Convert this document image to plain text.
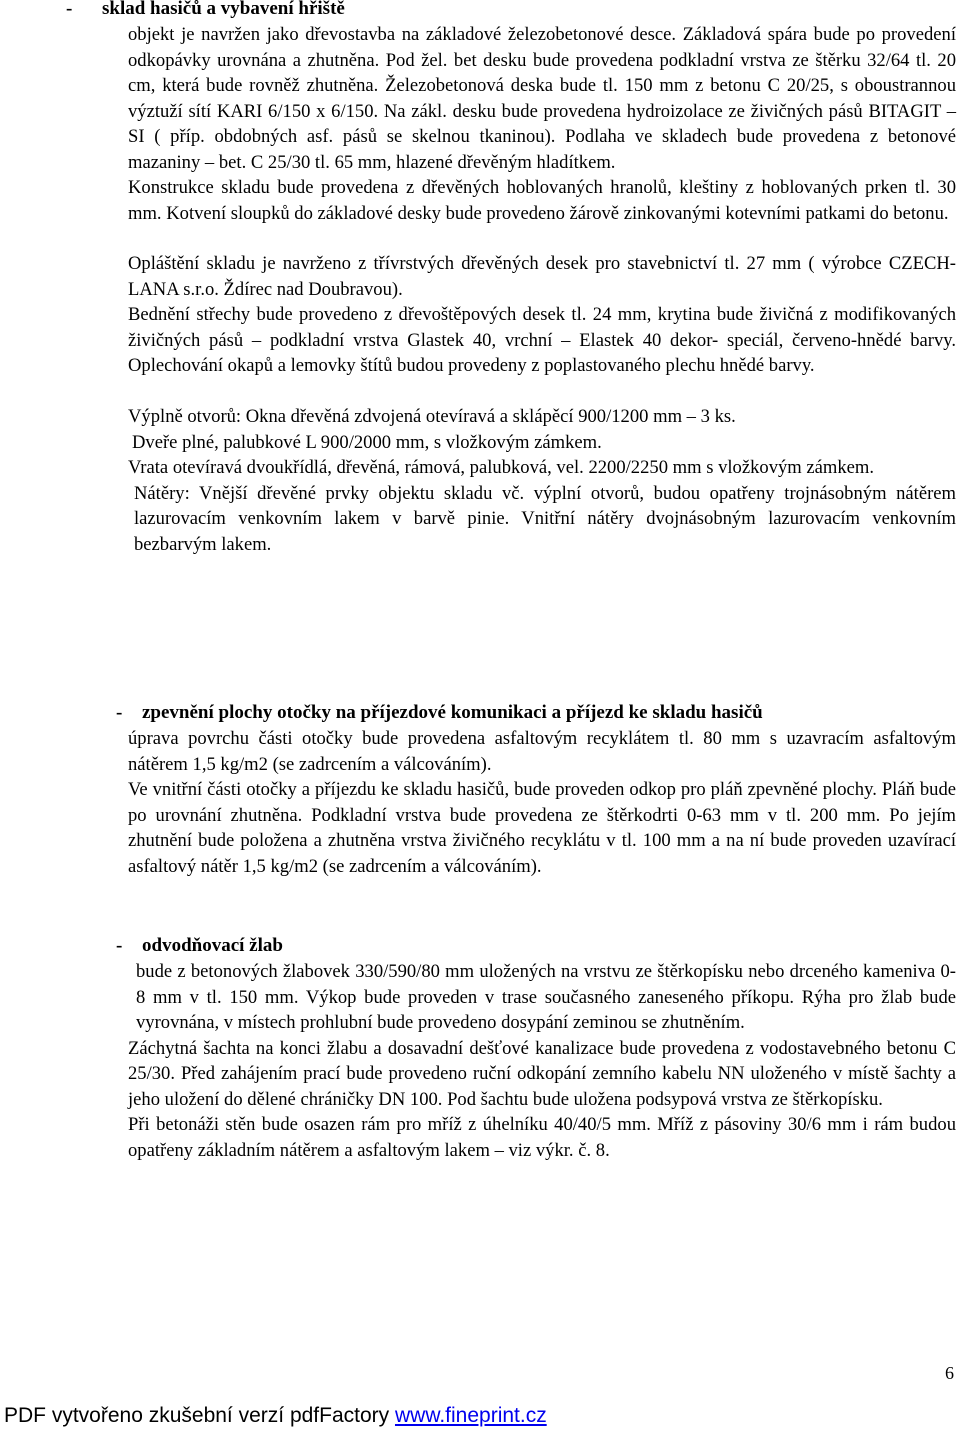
- sklad hasičů a vybavení hřiště

objekt je navržen jako dřevostavba na základové železobetonové desce. Základová spára bude po provedení odkopávky urovnána a zhutněna. Pod žel. bet desku bude provedena podkladní vrstva ze štěrku 32/64 tl. 20 cm, která bude rovněž zhutněna. Železobetonová deska bude tl. 150 mm z betonu C 20/25, s oboustrannou výztuží sítí KARI 6/150 x 6/150. Na zákl. desku bude provedena hydroizolace ze živičných pásů BITAGIT – SI ( příp. obdobných asf. pásů se skelnou tkaninou). Podlaha ve skladech bude provedena z betonové mazaniny – bet. C 25/30 tl. 65 mm, hlazené dřevěným hladítkem.

Konstrukce skladu bude provedena z dřevěných hoblovaných hranolů, kleštiny z hoblovaných prken tl. 30 mm. Kotvení sloupků do základové desky bude provedeno žárově zinkovanými kotevními patkami do betonu.

Opláštění skladu je navrženo z třívrstvých dřevěných desek pro stavebnictví tl. 27 mm ( výrobce CZECH-LANA s.r.o. Ždírec nad Doubravou).

Bednění střechy bude provedeno z dřevoštěpových desek tl. 24 mm, krytina bude živičná z modifikovaných živičných pásů – podkladní vrstva Glastek 40, vrchní – Elastek 40 dekor- speciál, červeno-hnědé barvy. Oplechování okapů a lemovky štítů budou provedeny z poplastovaného plechu hnědé barvy.

Výplně otvorů: Okna dřevěná zdvojená otevíravá a sklápěcí 900/1200 mm – 3 ks.

Dveře plné, palubkové L 900/2000 mm, s vložkovým zámkem.

Vrata otevíravá dvoukřídlá, dřevěná, rámová, palubková, vel. 2200/2250 mm s vložkovým zámkem.

Nátěry: Vnější dřevěné prvky objektu skladu vč. výplní otvorů, budou opatřeny trojnásobným nátěrem lazurovacím venkovním lakem v barvě pinie. Vnitřní nátěry dvojnásobným lazurovacím venkovním bezbarvým lakem.

- zpevnění plochy otočky na příjezdové komunikaci a příjezd ke skladu hasičů

úprava povrchu části otočky bude provedena asfaltovým recyklátem tl. 80 mm s uzavracím asfaltovým nátěrem 1,5 kg/m2 (se zadrcením a válcováním).

Ve vnitřní části otočky a příjezdu ke skladu hasičů, bude proveden odkop pro pláň zpevněné plochy. Pláň bude po urovnání zhutněna. Podkladní vrstva bude provedena ze štěrkodrti 0-63 mm v tl. 200 mm. Po jejím zhutnění bude položena a zhutněna vrstva živičného recyklátu v tl. 100 mm a na ní bude proveden uzavírací asfaltový nátěr 1,5 kg/m2 (se zadrcením a válcováním).

- odvodňovací žlab

bude z betonových žlabovek 330/590/80 mm uložených na vrstvu ze štěrkopísku nebo drceného kameniva 0-8 mm v tl. 150 mm. Výkop bude proveden v trase současného zaneseného příkopu. Rýha pro žlab bude vyrovnána, v místech prohlubní bude provedeno dosypání zeminou se zhutněním.

Záchytná šachta na konci žlabu a dosavadní dešťové kanalizace bude provedena z vodostavebného betonu C 25/30. Před zahájením prací bude provedeno ruční odkopání zemního kabelu NN uloženého v místě šachty a jeho uložení do dělené chráničky DN 100. Pod šachtu bude uložena podsypová vrstva ze štěrkopísku.

Při betonáži stěn bude osazen rám pro mříž z úhelníku 40/40/5 mm. Mříž z pásoviny 30/6 mm i rám budou opatřeny základním nátěrem a asfaltovým lakem – viz výkr. č. 8.

6
PDF vytvořeno zkušební verzí pdfFactory www.fineprint.cz
